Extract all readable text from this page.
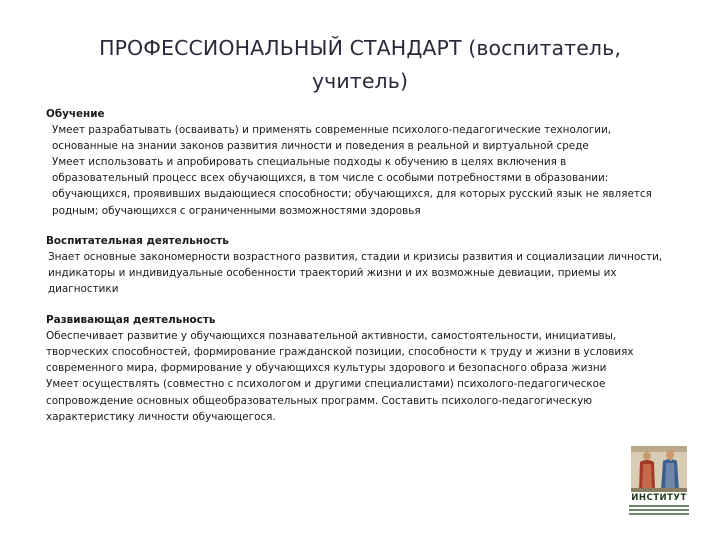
ПРОФЕССИОНАЛЬНЫЙ СТАНДАРТ (воспитатель,
учитель)
Обучение

Умеет разрабатывать (осваивать) и применять современные психолого-педагогические технологии, основанные на знании законов развития личности и поведения в реальной и виртуальной среде

Умеет использовать и апробировать специальные подходы к обучению в целях включения в образовательный процесс всех обучающихся, в том числе с особыми потребностями в образовании: обучающихся, проявивших выдающиеся способности; обучающихся, для которых русский язык не является родным; обучающихся с ограниченными возможностями здоровья

Воспитательная деятельность

Знает основные закономерности возрастного развития, стадии и кризисы развития и социализации личности, индикаторы и индивидуальные особенности траекторий жизни и их возможные девиации, приемы их диагностики

Развивающая деятельность

Обеспечивает развитие у обучающихся познавательной активности, самостоятельности, инициативы, творческих способностей, формирование гражданской позиции, способности к труду и жизни в условиях современного мира, формирование у обучающихся культуры здорового и безопасного образа жизни

Умеет осуществлять (совместно с психологом и другими специалистами) психолого-педагогическое сопровождение основных общеобразовательных программ. Составить психолого-педагогическую характеристику личности обучающегося.

ИНСТИТУТ
